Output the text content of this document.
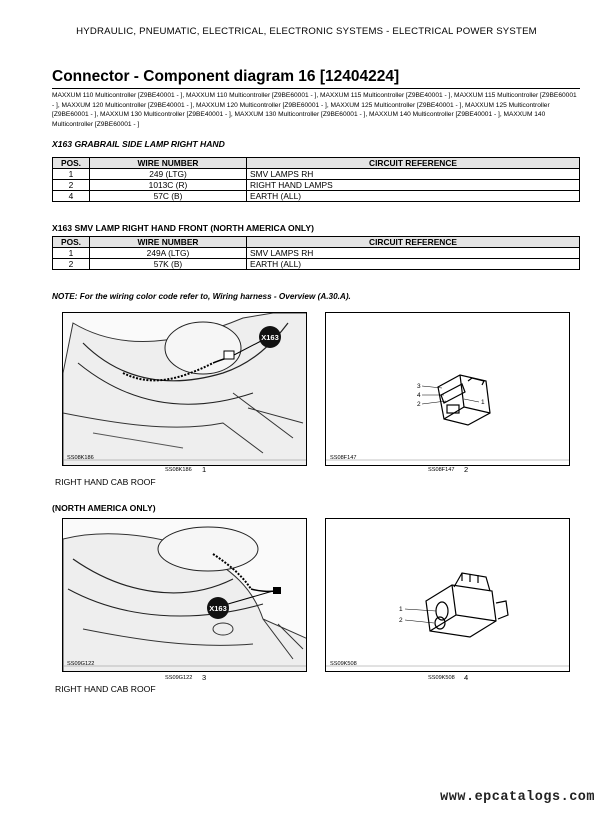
HYDRAULIC, PNEUMATIC, ELECTRICAL, ELECTRONIC SYSTEMS - ELECTRICAL POWER SYSTEM
Connector - Component diagram 16 [12404224]
MAXXUM 110 Multicontroller [Z9BE40001 - ], MAXXUM 110 Multicontroller [Z9BE60001 - ], MAXXUM 115 Multicontroller [Z9BE40001 - ], MAXXUM 115 Multicontroller [Z9BE60001 - ], MAXXUM 120 Multicontroller [Z9BE40001 - ], MAXXUM 120 Multicontroller [Z9BE60001 - ], MAXXUM 125 Multicontroller [Z9BE40001 - ], MAXXUM 125 Multicontroller [Z9BE60001 - ], MAXXUM 130 Multicontroller [Z9BE40001 - ], MAXXUM 130 Multicontroller [Z9BE60001 - ], MAXXUM 140 Multicontroller [Z9BE40001 - ], MAXXUM 140 Multicontroller [Z9BE60001 - ]
X163 GRABRAIL SIDE LAMP RIGHT HAND
POS.	WIRE NUMBER	CIRCUIT REFERENCE
1	249 (LTG)	SMV LAMPS RH
2	1013C (R)	RIGHT HAND LAMPS
4	57C (B)	EARTH (ALL)
X163 SMV LAMP RIGHT HAND FRONT (NORTH AMERICA ONLY)
POS.	WIRE NUMBER	CIRCUIT REFERENCE
1	249A (LTG)	SMV LAMPS RH
2	57K (B)	EARTH (ALL)
NOTE: For the wiring color code refer to, Wiring harness - Overview (A.30.A).
X163
SS08K186
SS08K186 1
3
4
2	1
SS08F147
SS08F147 2
RIGHT HAND CAB ROOF
(NORTH AMERICA ONLY)
X163
SS09G122
SS09G122 3
1
2
SS09K508
SS09K508 4
RIGHT HAND CAB ROOF
www.epcatalogs.com
